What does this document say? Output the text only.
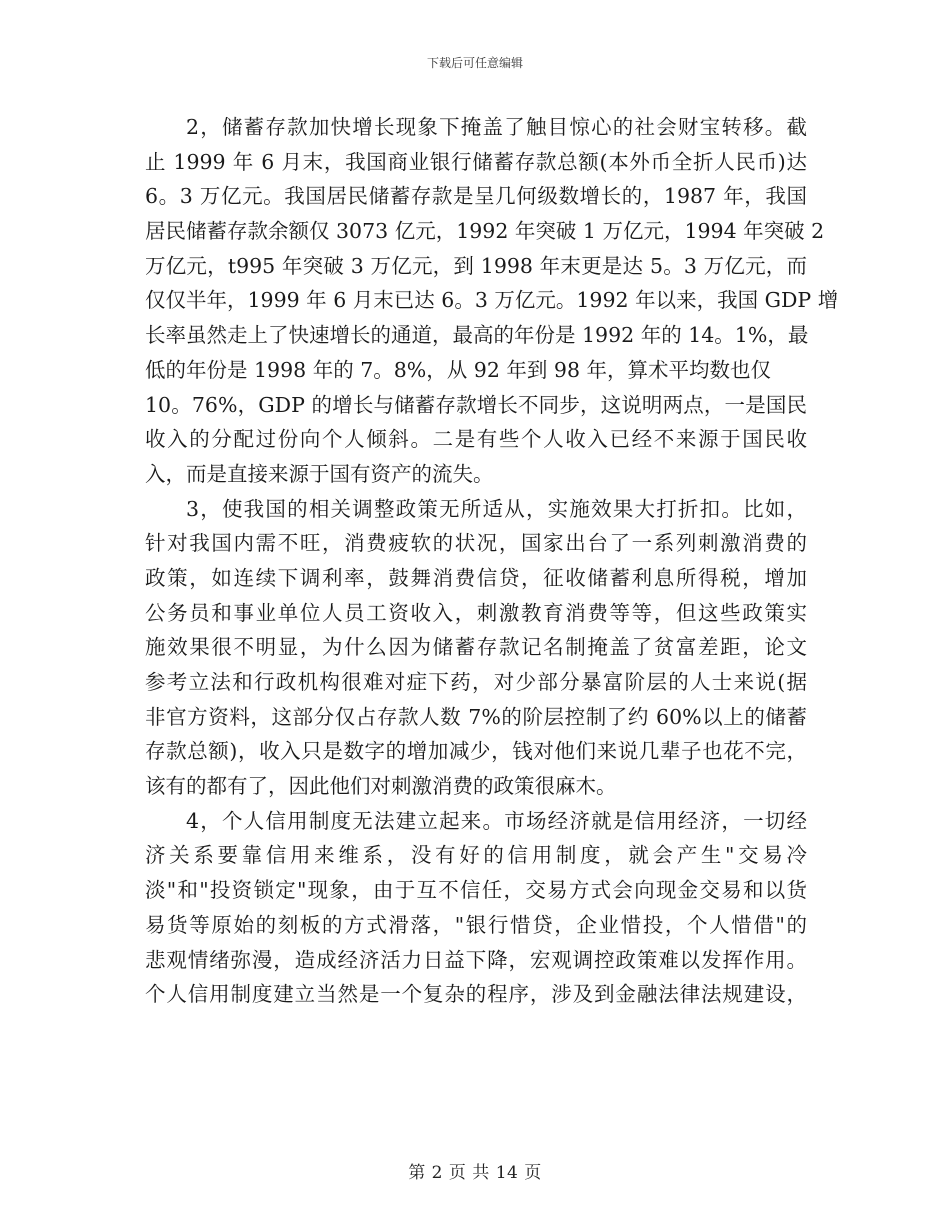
下载后可任意编辑
2，储蓄存款加快增长现象下掩盖了触目惊心的社会财宝转移。截
止 1999 年 6 月末，我国商业银行储蓄存款总额(本外币全折人民币)达
6。3 万亿元。我国居民储蓄存款是呈几何级数增长的，1987 年，我国
居民储蓄存款余额仅 3073 亿元，1992 年突破 1 万亿元，1994 年突破 2
万亿元，t995 年突破 3 万亿元，到 1998 年末更是达 5。3 万亿元，而
仅仅半年，1999 年 6 月末已达 6。3 万亿元。1992 年以来，我国 GDP 增
长率虽然走上了快速增长的通道，最高的年份是 1992 年的 14。1%，最
低的年份是 1998 年的 7。8%，从 92 年到 98 年，算术平均数也仅
10。76%，GDP 的增长与储蓄存款增长不同步，这说明两点，一是国民
收入的分配过份向个人倾斜。二是有些个人收入已经不来源于国民收
入，而是直接来源于国有资产的流失。
3，使我国的相关调整政策无所适从，实施效果大打折扣。比如，
针对我国内需不旺，消费疲软的状况，国家出台了一系列刺激消费的
政策，如连续下调利率，鼓舞消费信贷，征收储蓄利息所得税，增加
公务员和事业单位人员工资收入，刺激教育消费等等，但这些政策实
施效果很不明显，为什么因为储蓄存款记名制掩盖了贫富差距，论文
参考立法和行政机构很难对症下药，对少部分暴富阶层的人士来说(据
非官方资料，这部分仅占存款人数 7%的阶层控制了约 60%以上的储蓄
存款总额)，收入只是数字的增加减少，钱对他们来说几辈子也花不完，
该有的都有了，因此他们对刺激消费的政策很麻木。
4，个人信用制度无法建立起来。市场经济就是信用经济，一切经
济关系要靠信用来维系，没有好的信用制度，就会产生"交易冷
淡"和"投资锁定"现象，由于互不信任，交易方式会向现金交易和以货
易货等原始的刻板的方式滑落，"银行惜贷，企业惜投，个人惜借"的
悲观情绪弥漫，造成经济活力日益下降，宏观调控政策难以发挥作用。
个人信用制度建立当然是一个复杂的程序，涉及到金融法律法规建设，
第 2 页 共 14 页
